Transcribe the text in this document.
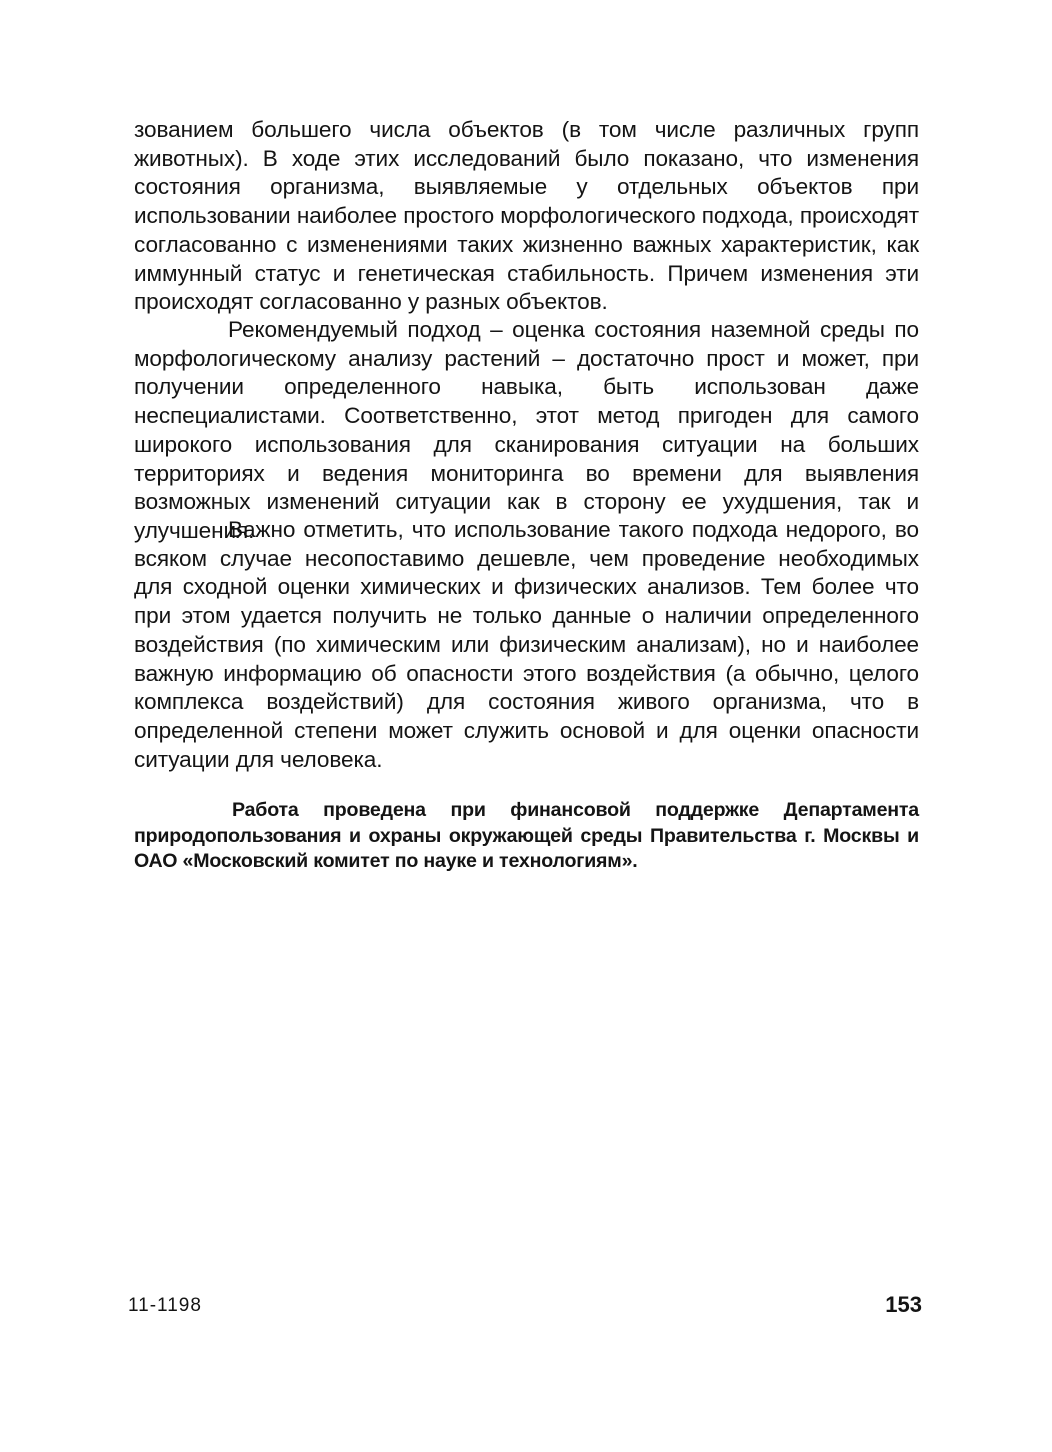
зованием большего числа объектов (в том числе различных групп животных). В ходе этих исследований было показано, что изменения состояния организма, выявляемые у отдельных объектов при использовании наиболее простого морфологического подхода, происходят согласованно с изменениями таких жизненно важных характеристик, как иммунный статус и генетическая стабильность. Причем изменения эти происходят согласованно у разных объектов.

Рекомендуемый подход – оценка состояния наземной среды по морфологическому анализу растений – достаточно прост и может, при получении определенного навыка, быть использован даже неспециалистами. Соответственно, этот метод пригоден для самого широкого использования для сканирования ситуации на больших территориях и ведения мониторинга во времени для выявления возможных изменений ситуации как в сторону ее ухудшения, так и улучшения.

Важно отметить, что использование такого подхода недорого, во всяком случае несопоставимо дешевле, чем проведение необходимых для сходной оценки химических и физических анализов. Тем более что при этом удается получить не только данные о наличии определенного воздействия (по химическим или физическим анализам), но и наиболее важную информацию об опасности этого воздействия (а обычно, целого комплекса воздействий) для состояния живого организма, что в определенной степени может служить основой и для оценки опасности ситуации для человека.

Работа проведена при финансовой поддержке Департамента природопользования и охраны окружающей среды Правительства г. Москвы и ОАО «Московский комитет по науке и технологиям».

11-1198	153
